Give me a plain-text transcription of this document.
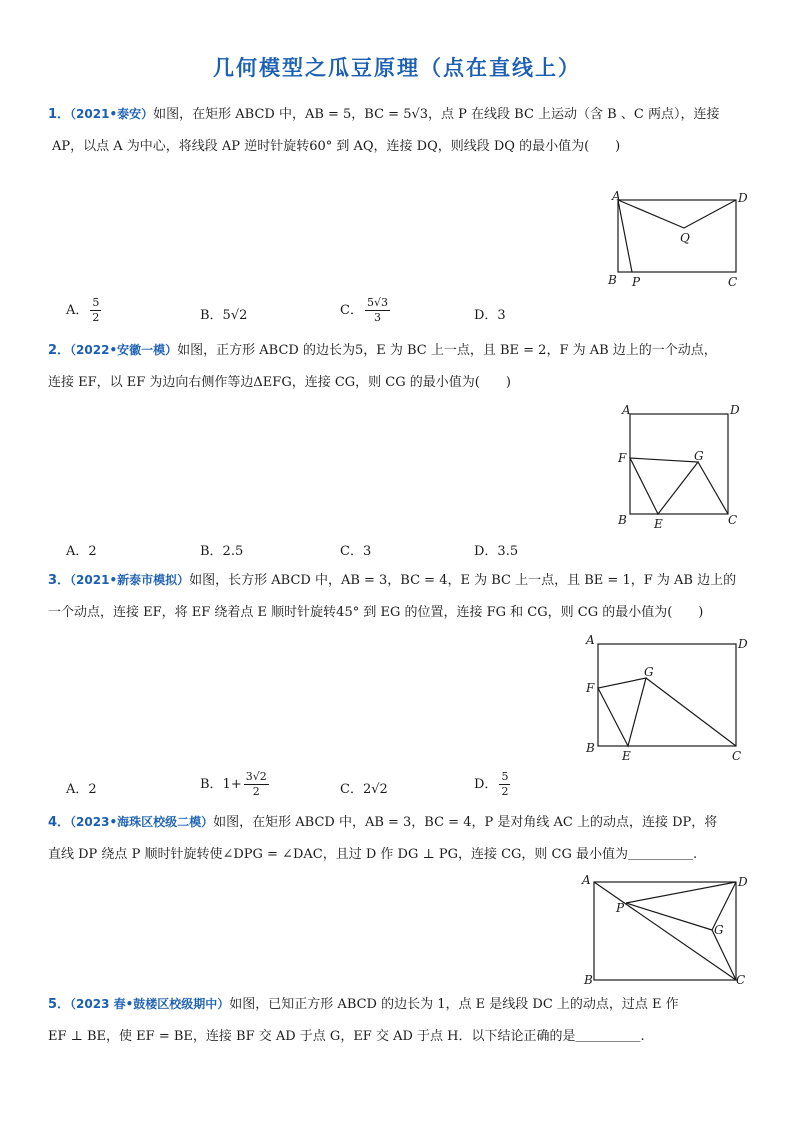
几何模型之瓜豆原理（点在直线上）
1．（2021•泰安）如图，在矩形 ABCD 中，AB = 5，BC = 5√3，点 P 在线段 BC 上运动（含 B 、C 两点），连接
AP，以点 A 为中心，将线段 AP 逆时针旋转60° 到 AQ，连接 DQ，则线段 DQ 的最小值为(　　)
A	D
B P	C
Q
A． $\frac{5}{2}$	B．5√2	C． $\frac{5√3}{3}$	D．3
2．（2022•安徽一模）如图，正方形 ABCD 的边长为5，E 为 BC 上一点，且 BE = 2，F 为 AB 边上的一个动点，
连接 EF，以 EF 为边向右侧作等边ΔEFG，连接 CG，则 CG 的最小值为(　　)
A	D
F	G
B E	C
A．2	B．2.5	C．3	D．3.5
3．（2021•新泰市模拟）如图，长方形 ABCD 中，AB = 3，BC = 4，E 为 BC 上一点，且 BE = 1，F 为 AB 边上的
一个动点，连接 EF，将 EF 绕着点 E 顺时针旋转45° 到 EG 的位置，连接 FG 和 CG，则 CG 的最小值为(　　)
A	D
F
G
B
E	C
A．2	B．$1+ \frac{3√2}{2}$	C．2√2	D． $\frac{5}{2}$
4．（2023•海珠区校级二模）如图，在矩形 ABCD 中，AB = 3，BC = 4，P 是对角线 AC 上的动点，连接 DP，将
直线 DP 绕点 P 顺时针旋转使∠DPG = ∠DAC，且过 D 作 DG ⊥ PG，连接 CG，则 CG 最小值为＿＿＿＿＿.
A	D
P
G
B	C
5．（2023 春•鼓楼区校级期中）如图，已知正方形 ABCD 的边长为 1，点 E 是线段 DC 上的动点，过点 E 作
EF ⊥ BE，使 EF = BE，连接 BF 交 AD 于点 G，EF 交 AD 于点 H．以下结论正确的是＿＿＿＿＿.
